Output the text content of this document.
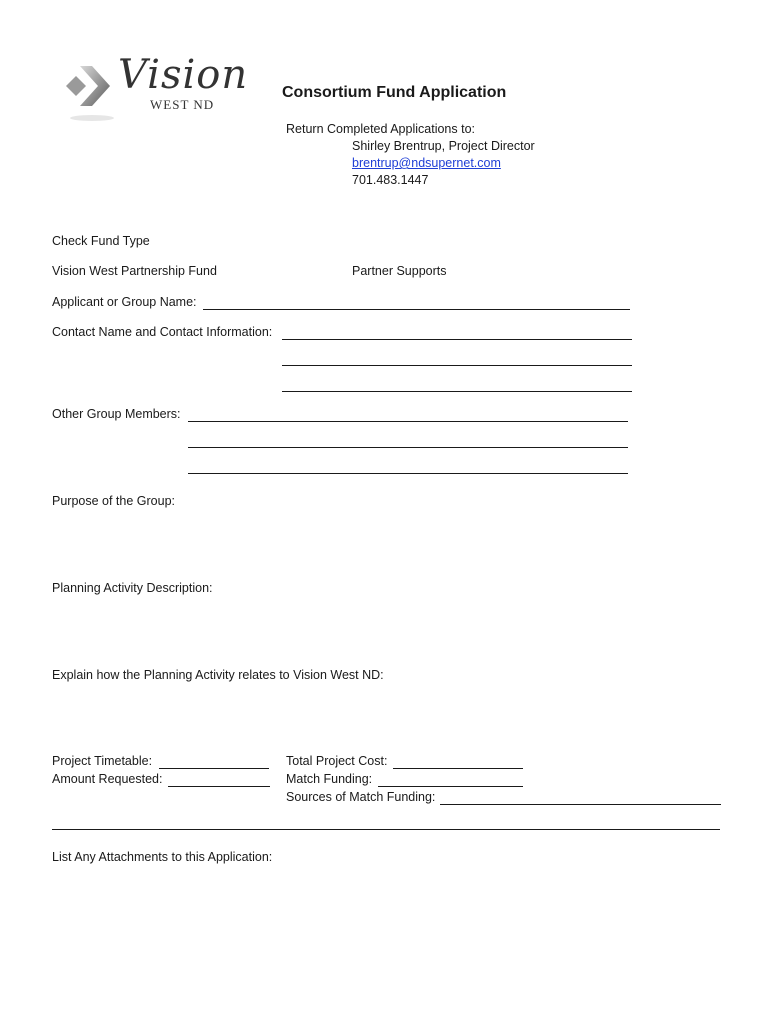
Vision
WEST ND
Consortium Fund Application
Return Completed Applications to:
Shirley Brentrup, Project Director
brentrup@ndsupernet.com
701.483.1447
Check Fund Type
Vision West Partnership Fund	Partner Supports
Applicant or Group Name:
Contact Name and Contact Information:
Other Group Members:
Purpose of the Group:
Planning Activity Description:
Explain how the Planning Activity relates to Vision West ND:
Project Timetable:
Amount Requested:
Total Project Cost:
Match Funding:
Sources of Match Funding:
List Any Attachments to this Application:
